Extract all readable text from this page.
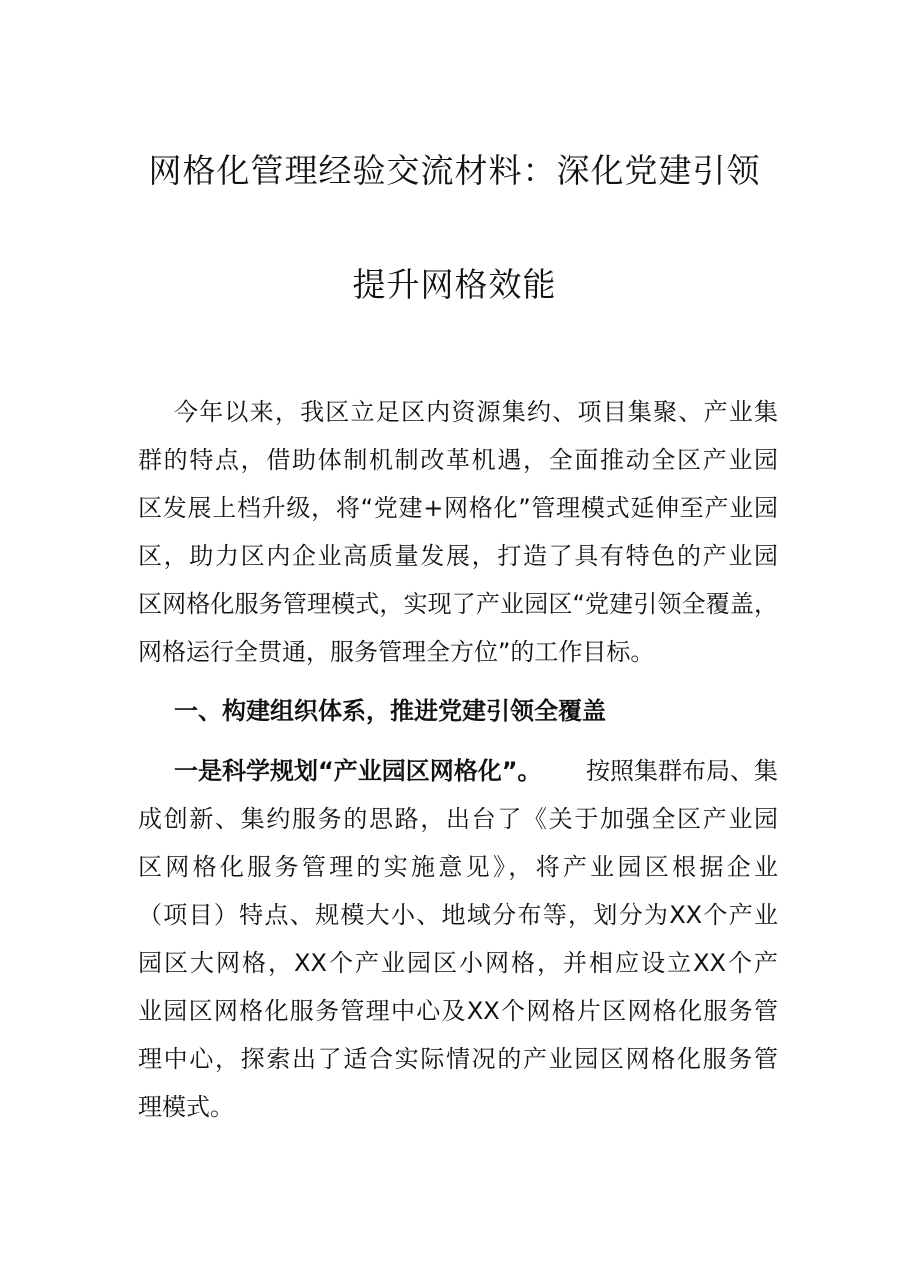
网格化管理经验交流材料：深化党建引领
提升网格效能
今年以来，我区立足区内资源集约、项目集聚、产业集
群的特点，借助体制机制改革机遇，全面推动全区产业园
区发展上档升级，将“党建+网格化”管理模式延伸至产业园
区，助力区内企业高质量发展，打造了具有特色的产业园
区网格化服务管理模式，实现了产业园区“党建引领全覆盖，
网格运行全贯通，服务管理全方位”的工作目标。
一、构建组织体系，推进党建引领全覆盖
一是科学规划“产业园区网格化”。 按照集群布局、集
成创新、集约服务的思路，出台了《关于加强全区产业园
区网格化服务管理的实施意见》，将产业园区根据企业
（项目）特点、规模大小、地域分布等，划分为XX个产业
园区大网格，XX个产业园区小网格，并相应设立XX个产
业园区网格化服务管理中心及XX个网格片区网格化服务管
理中心，探索出了适合实际情况的产业园区网格化服务管
理模式。
